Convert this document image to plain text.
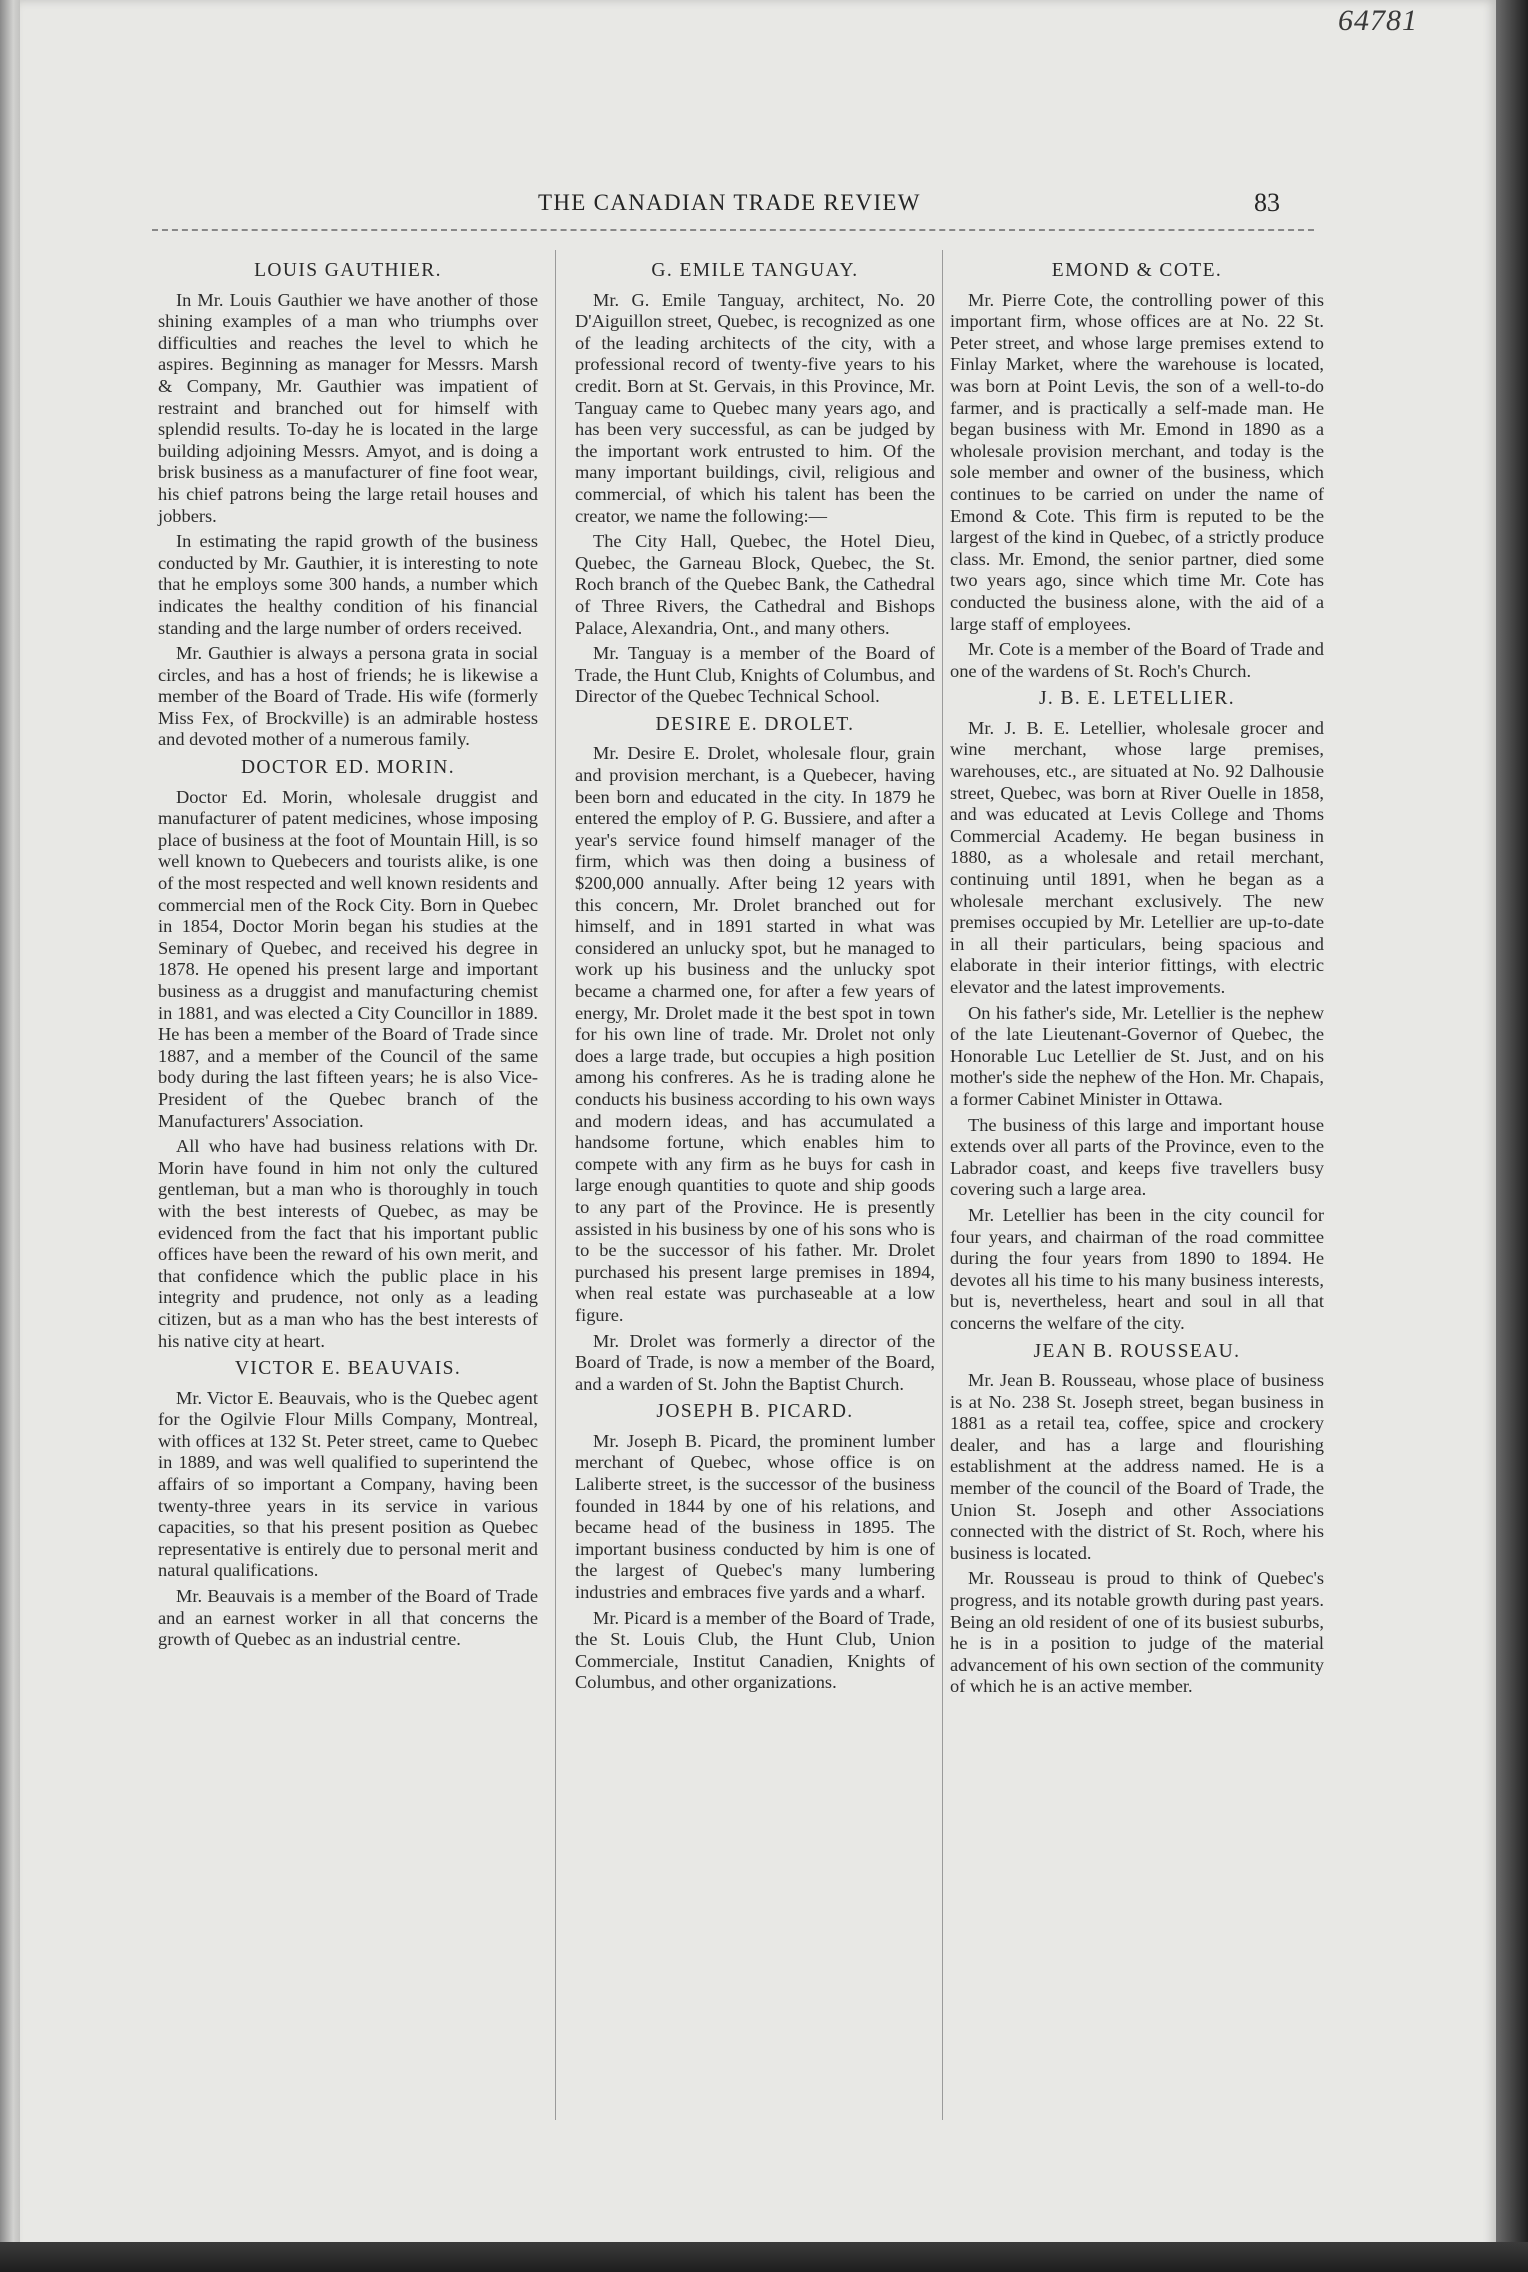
64781
THE CANADIAN TRADE REVIEW	83
LOUIS GAUTHIER.

In Mr. Louis Gauthier we have another of those shining examples of a man who triumphs over difficulties and reaches the level to which he aspires. Beginning as manager for Messrs. Marsh & Company, Mr. Gauthier was impatient of restraint and branched out for himself with splendid results. To-day he is located in the large building adjoining Messrs. Amyot, and is doing a brisk business as a manufacturer of fine foot wear, his chief patrons being the large retail houses and jobbers.

In estimating the rapid growth of the business conducted by Mr. Gauthier, it is interesting to note that he employs some 300 hands, a number which indicates the healthy condition of his financial standing and the large number of orders received.

Mr. Gauthier is always a persona grata in social circles, and has a host of friends; he is likewise a member of the Board of Trade. His wife (formerly Miss Fex, of Brockville) is an admirable hostess and devoted mother of a numerous family.

DOCTOR ED. MORIN.

Doctor Ed. Morin, wholesale druggist and manufacturer of patent medicines, whose imposing place of business at the foot of Mountain Hill, is so well known to Quebecers and tourists alike, is one of the most respected and well known residents and commercial men of the Rock City. Born in Quebec in 1854, Doctor Morin began his studies at the Seminary of Quebec, and received his degree in 1878. He opened his present large and important business as a druggist and manufacturing chemist in 1881, and was elected a City Councillor in 1889. He has been a member of the Board of Trade since 1887, and a member of the Council of the same body during the last fifteen years; he is also Vice-President of the Quebec branch of the Manufacturers' Association.

All who have had business relations with Dr. Morin have found in him not only the cultured gentleman, but a man who is thoroughly in touch with the best interests of Quebec, as may be evidenced from the fact that his important public offices have been the reward of his own merit, and that confidence which the public place in his integrity and prudence, not only as a leading citizen, but as a man who has the best interests of his native city at heart.

VICTOR E. BEAUVAIS.

Mr. Victor E. Beauvais, who is the Quebec agent for the Ogilvie Flour Mills Company, Montreal, with offices at 132 St. Peter street, came to Quebec in 1889, and was well qualified to superintend the affairs of so important a Company, having been twenty-three years in its service in various capacities, so that his present position as Quebec representative is entirely due to personal merit and natural qualifications.

Mr. Beauvais is a member of the Board of Trade and an earnest worker in all that concerns the growth of Quebec as an industrial centre.

G. EMILE TANGUAY.

Mr. G. Emile Tanguay, architect, No. 20 D'Aiguillon street, Quebec, is recognized as one of the leading architects of the city, with a professional record of twenty-five years to his credit. Born at St. Gervais, in this Province, Mr. Tanguay came to Quebec many years ago, and has been very successful, as can be judged by the important work entrusted to him. Of the many important buildings, civil, religious and commercial, of which his talent has been the creator, we name the following:—

The City Hall, Quebec, the Hotel Dieu, Quebec, the Garneau Block, Quebec, the St. Roch branch of the Quebec Bank, the Cathedral of Three Rivers, the Cathedral and Bishops Palace, Alexandria, Ont., and many others.

Mr. Tanguay is a member of the Board of Trade, the Hunt Club, Knights of Columbus, and Director of the Quebec Technical School.

DESIRE E. DROLET.

Mr. Desire E. Drolet, wholesale flour, grain and provision merchant, is a Quebecer, having been born and educated in the city. In 1879 he entered the employ of P. G. Bussiere, and after a year's service found himself manager of the firm, which was then doing a business of $200,000 annually. After being 12 years with this concern, Mr. Drolet branched out for himself, and in 1891 started in what was considered an unlucky spot, but he managed to work up his business and the unlucky spot became a charmed one, for after a few years of energy, Mr. Drolet made it the best spot in town for his own line of trade. Mr. Drolet not only does a large trade, but occupies a high position among his confreres. As he is trading alone he conducts his business according to his own ways and modern ideas, and has accumulated a handsome fortune, which enables him to compete with any firm as he buys for cash in large enough quantities to quote and ship goods to any part of the Province. He is presently assisted in his business by one of his sons who is to be the successor of his father. Mr. Drolet purchased his present large premises in 1894, when real estate was purchaseable at a low figure.

Mr. Drolet was formerly a director of the Board of Trade, is now a member of the Board, and a warden of St. John the Baptist Church.

JOSEPH B. PICARD.

Mr. Joseph B. Picard, the prominent lumber merchant of Quebec, whose office is on Laliberte street, is the successor of the business founded in 1844 by one of his relations, and became head of the business in 1895. The important business conducted by him is one of the largest of Quebec's many lumbering industries and embraces five yards and a wharf.

Mr. Picard is a member of the Board of Trade, the St. Louis Club, the Hunt Club, Union Commerciale, Institut Canadien, Knights of Columbus, and other organizations.

EMOND & COTE.

Mr. Pierre Cote, the controlling power of this important firm, whose offices are at No. 22 St. Peter street, and whose large premises extend to Finlay Market, where the warehouse is located, was born at Point Levis, the son of a well-to-do farmer, and is practically a self-made man. He began business with Mr. Emond in 1890 as a wholesale provision merchant, and today is the sole member and owner of the business, which continues to be carried on under the name of Emond & Cote. This firm is reputed to be the largest of the kind in Quebec, of a strictly produce class. Mr. Emond, the senior partner, died some two years ago, since which time Mr. Cote has conducted the business alone, with the aid of a large staff of employees.

Mr. Cote is a member of the Board of Trade and one of the wardens of St. Roch's Church.

J. B. E. LETELLIER.

Mr. J. B. E. Letellier, wholesale grocer and wine merchant, whose large premises, warehouses, etc., are situated at No. 92 Dalhousie street, Quebec, was born at River Ouelle in 1858, and was educated at Levis College and Thoms Commercial Academy. He began business in 1880, as a wholesale and retail merchant, continuing until 1891, when he began as a wholesale merchant exclusively. The new premises occupied by Mr. Letellier are up-to-date in all their particulars, being spacious and elaborate in their interior fittings, with electric elevator and the latest improvements.

On his father's side, Mr. Letellier is the nephew of the late Lieutenant-Governor of Quebec, the Honorable Luc Letellier de St. Just, and on his mother's side the nephew of the Hon. Mr. Chapais, a former Cabinet Minister in Ottawa.

The business of this large and important house extends over all parts of the Province, even to the Labrador coast, and keeps five travellers busy covering such a large area.

Mr. Letellier has been in the city council for four years, and chairman of the road committee during the four years from 1890 to 1894. He devotes all his time to his many business interests, but is, nevertheless, heart and soul in all that concerns the welfare of the city.

JEAN B. ROUSSEAU.

Mr. Jean B. Rousseau, whose place of business is at No. 238 St. Joseph street, began business in 1881 as a retail tea, coffee, spice and crockery dealer, and has a large and flourishing establishment at the address named. He is a member of the council of the Board of Trade, the Union St. Joseph and other Associations connected with the district of St. Roch, where his business is located.

Mr. Rousseau is proud to think of Quebec's progress, and its notable growth during past years. Being an old resident of one of its busiest suburbs, he is in a position to judge of the material advancement of his own section of the community of which he is an active member.
